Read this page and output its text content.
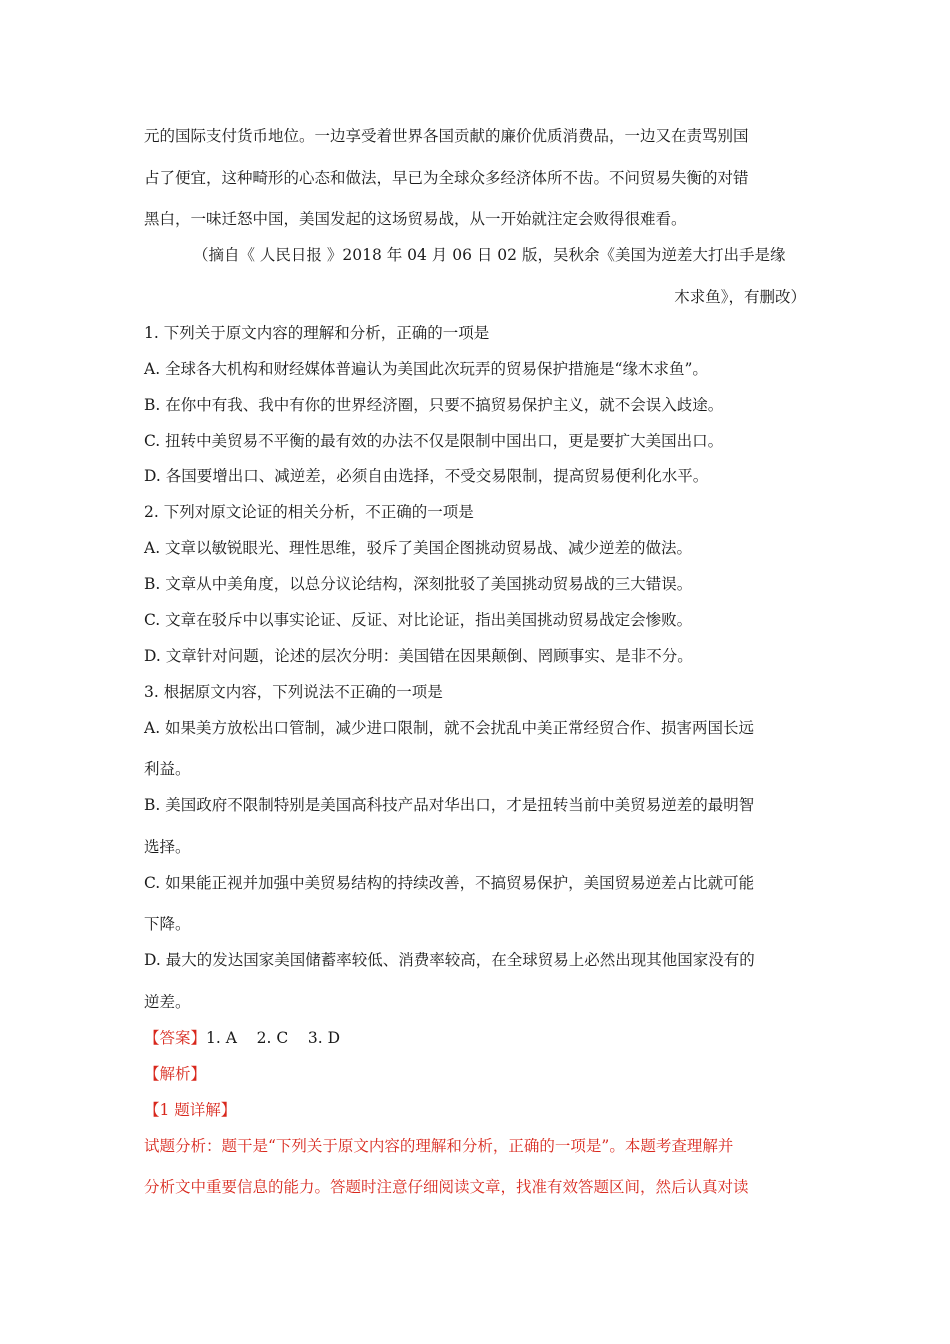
元的国际支付货币地位。一边享受着世界各国贡献的廉价优质消费品，一边又在责骂别国
占了便宜，这种畸形的心态和做法，早已为全球众多经济体所不齿。不问贸易失衡的对错
黑白，一味迁怒中国，美国发起的这场贸易战，从一开始就注定会败得很难看。
（摘自《 人民日报 》2018 年 04 月 06 日 02 版，吴秋余《美国为逆差大打出手是缘
木求鱼》，有删改）
1. 下列关于原文内容的理解和分析，正确的一项是
A. 全球各大机构和财经媒体普遍认为美国此次玩弄的贸易保护措施是“缘木求鱼”。
B. 在你中有我、我中有你的世界经济圈，只要不搞贸易保护主义，就不会误入歧途。
C. 扭转中美贸易不平衡的最有效的办法不仅是限制中国出口，更是要扩大美国出口。
D. 各国要增出口、减逆差，必须自由选择，不受交易限制，提高贸易便利化水平。
2. 下列对原文论证的相关分析，不正确的一项是
A. 文章以敏锐眼光、理性思维，驳斥了美国企图挑动贸易战、减少逆差的做法。
B. 文章从中美角度，以总分议论结构，深刻批驳了美国挑动贸易战的三大错误。
C. 文章在驳斥中以事实论证、反证、对比论证，指出美国挑动贸易战定会惨败。
D. 文章针对问题，论述的层次分明：美国错在因果颠倒、罔顾事实、是非不分。
3. 根据原文内容，下列说法不正确的一项是
A. 如果美方放松出口管制，减少进口限制，就不会扰乱中美正常经贸合作、损害两国长远
利益。
B. 美国政府不限制特别是美国高科技产品对华出口，才是扭转当前中美贸易逆差的最明智
选择。
C. 如果能正视并加强中美贸易结构的持续改善，不搞贸易保护，美国贸易逆差占比就可能
下降。
D. 最大的发达国家美国储蓄率较低、消费率较高，在全球贸易上必然出现其他国家没有的
逆差。
【答案】1. A    2. C    3. D
【解析】
【1 题详解】
试题分析：题干是“下列关于原文内容的理解和分析，正确的一项是”。本题考查理解并
分析文中重要信息的能力。答题时注意仔细阅读文章，找准有效答题区间，然后认真对读
